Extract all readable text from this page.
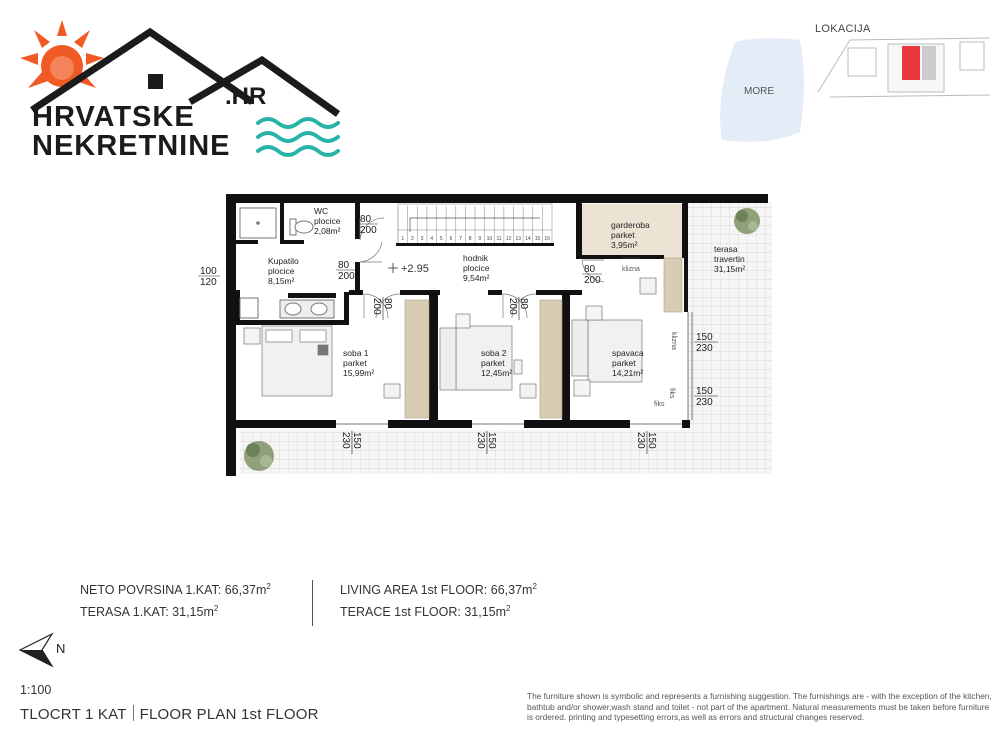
.HR
HRVATSKE
NEKRETNINE
LOKACIJA
MORE
1 2 3 4 5 6 7 8 9 10 11 12 13 14 15 16
+2.95
WC
plocice
2,08m²
Kupatilo
plocice
8,15m²
hodnik
plocice
9,54m²
garderoba
parket
3,95m²	terasa
travertin
31,15m²
soba 1
parket
15,99m²
soba 2
parket
12,45m²
spavaca
parket
14,21m²
80
200
80
200
100
120
80
200
80
200	80
200
150
230
150
230
150
230	150
230	150
230
klizna
klizna
fiks
fiks
NETO POVRSINA 1.KAT: $66,37m^2$
TERASA 1.KAT: $31,15m^2$
LIVING AREA 1st FLOOR: $66,37m^2$
TERACE 1st FLOOR: $31,15m^2$
N
1:100
TLOCRT 1 KAT FLOOR PLAN 1st FLOOR
The furniture shown is symbolic and represents a furnishing suggestion. The furnishings are - with the exception of the kitchen, bathtub and/or shower,wash stand and toilet - not part of the apartment. Natural measurements must be taken before furniture is ordered. printing and typesetting errors,as well as errors and structural changes reserved.
